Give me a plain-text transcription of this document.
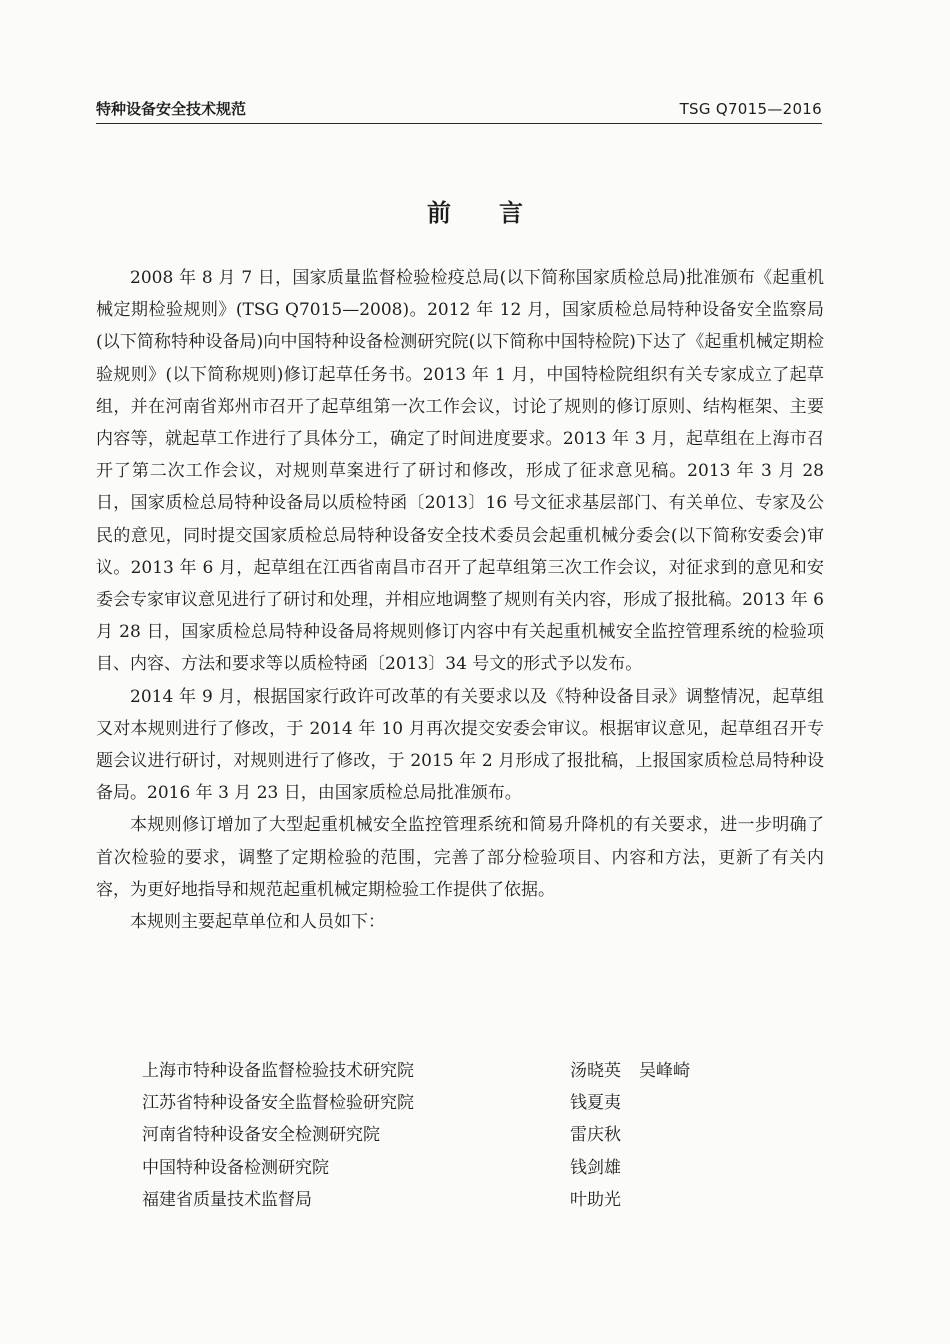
特种设备安全技术规范	TSG Q7015—2016
前言

2008 年 8 月 7 日，国家质量监督检验检疫总局(以下简称国家质检总局)批准颁布《起重机械定期检验规则》(TSG Q7015—2008)。2012 年 12 月，国家质检总局特种设备安全监察局(以下简称特种设备局)向中国特种设备检测研究院(以下简称中国特检院)下达了《起重机械定期检验规则》(以下简称规则)修订起草任务书。2013 年 1 月，中国特检院组织有关专家成立了起草组，并在河南省郑州市召开了起草组第一次工作会议，讨论了规则的修订原则、结构框架、主要内容等，就起草工作进行了具体分工，确定了时间进度要求。2013 年 3 月，起草组在上海市召开了第二次工作会议，对规则草案进行了研讨和修改，形成了征求意见稿。2013 年 3 月 28 日，国家质检总局特种设备局以质检特函〔2013〕16 号文征求基层部门、有关单位、专家及公民的意见，同时提交国家质检总局特种设备安全技术委员会起重机械分委会(以下简称安委会)审议。2013 年 6 月，起草组在江西省南昌市召开了起草组第三次工作会议，对征求到的意见和安委会专家审议意见进行了研讨和处理，并相应地调整了规则有关内容，形成了报批稿。2013 年 6 月 28 日，国家质检总局特种设备局将规则修订内容中有关起重机械安全监控管理系统的检验项目、内容、方法和要求等以质检特函〔2013〕34 号文的形式予以发布。

2014 年 9 月，根据国家行政许可改革的有关要求以及《特种设备目录》调整情况，起草组又对本规则进行了修改，于 2014 年 10 月再次提交安委会审议。根据审议意见，起草组召开专题会议进行研讨，对规则进行了修改，于 2015 年 2 月形成了报批稿，上报国家质检总局特种设备局。2016 年 3 月 23 日，由国家质检总局批准颁布。

本规则修订增加了大型起重机械安全监控管理系统和简易升降机的有关要求，进一步明确了首次检验的要求，调整了定期检验的范围，完善了部分检验项目、内容和方法，更新了有关内容，为更好地指导和规范起重机械定期检验工作提供了依据。

本规则主要起草单位和人员如下：

上海市特种设备监督检验技术研究院	汤晓英 吴峰崎
江苏省特种设备安全监督检验研究院	钱夏夷
河南省特种设备安全检测研究院	雷庆秋
中国特种设备检测研究院	钱剑雄
福建省质量技术监督局	叶助光
